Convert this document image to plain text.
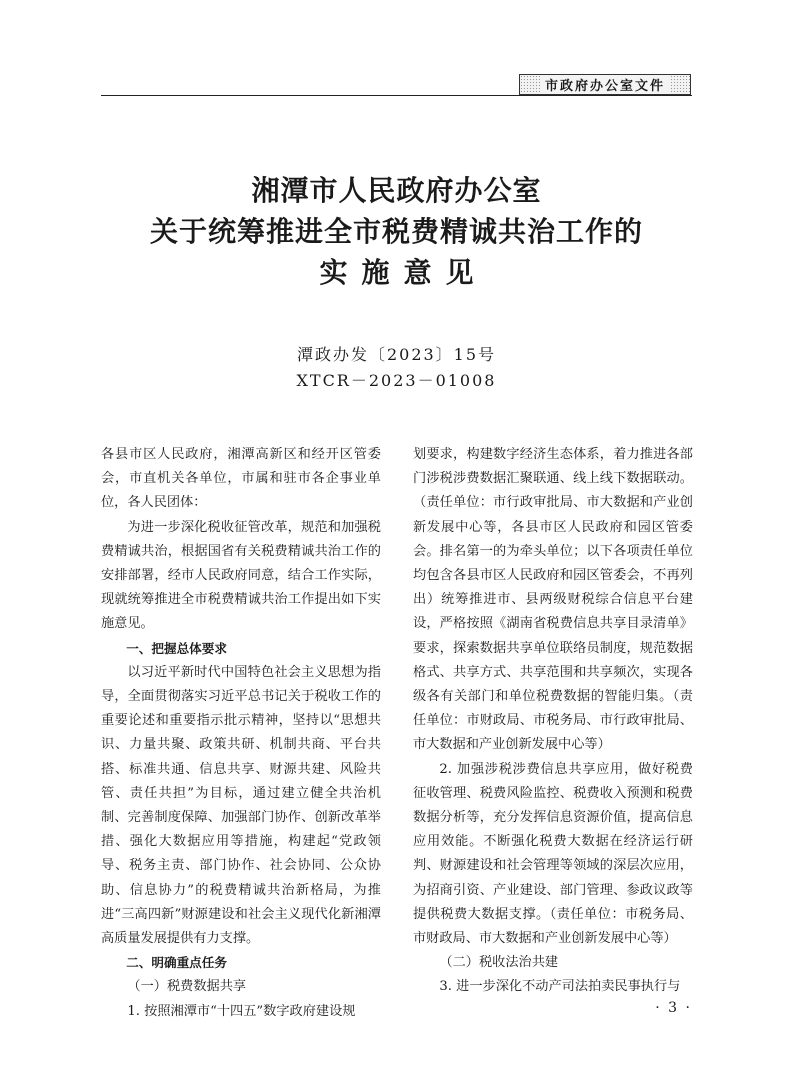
市政府办公室文件
湘潭市人民政府办公室
关于统筹推进全市税费精诚共治工作的
实施意见
潭政办发〔2023〕15号
XTCR－2023－01008

各县市区人民政府，湘潭高新区和经开区管委会，市直机关各单位，市属和驻市各企事业单位，各人民团体：

为进一步深化税收征管改革，规范和加强税费精诚共治，根据国省有关税费精诚共治工作的安排部署，经市人民政府同意，结合工作实际，现就统筹推进全市税费精诚共治工作提出如下实施意见。

一、把握总体要求

以习近平新时代中国特色社会主义思想为指导，全面贯彻落实习近平总书记关于税收工作的重要论述和重要指示批示精神，坚持以“思想共识、力量共聚、政策共研、机制共商、平台共搭、标准共通、信息共享、财源共建、风险共管、责任共担”为目标，通过建立健全共治机制、完善制度保障、加强部门协作、创新改革举措、强化大数据应用等措施，构建起“党政领导、税务主责、部门协作、社会协同、公众协助、信息协力”的税费精诚共治新格局，为推进“三高四新”财源建设和社会主义现代化新湘潭高质量发展提供有力支撑。

二、明确重点任务

（一）税费数据共享

1. 按照湘潭市“十四五”数字政府建设规

划要求，构建数字经济生态体系，着力推进各部门涉税涉费数据汇聚联通、线上线下数据联动。（责任单位：市行政审批局、市大数据和产业创新发展中心等，各县市区人民政府和园区管委会。排名第一的为牵头单位；以下各项责任单位均包含各县市区人民政府和园区管委会，不再列出）统筹推进市、县两级财税综合信息平台建设，严格按照《湖南省税费信息共享目录清单》要求，探索数据共享单位联络员制度，规范数据格式、共享方式、共享范围和共享频次，实现各级各有关部门和单位税费数据的智能归集。（责任单位：市财政局、市税务局、市行政审批局、市大数据和产业创新发展中心等）

2. 加强涉税涉费信息共享应用，做好税费征收管理、税费风险监控、税费收入预测和税费数据分析等，充分发挥信息资源价值，提高信息应用效能。不断强化税费大数据在经济运行研判、财源建设和社会管理等领域的深层次应用，为招商引资、产业建设、部门管理、参政议政等提供税费大数据支撑。（责任单位：市税务局、市财政局、市大数据和产业创新发展中心等）

（二）税收法治共建

3. 进一步深化不动产司法拍卖民事执行与

· 3 ·
